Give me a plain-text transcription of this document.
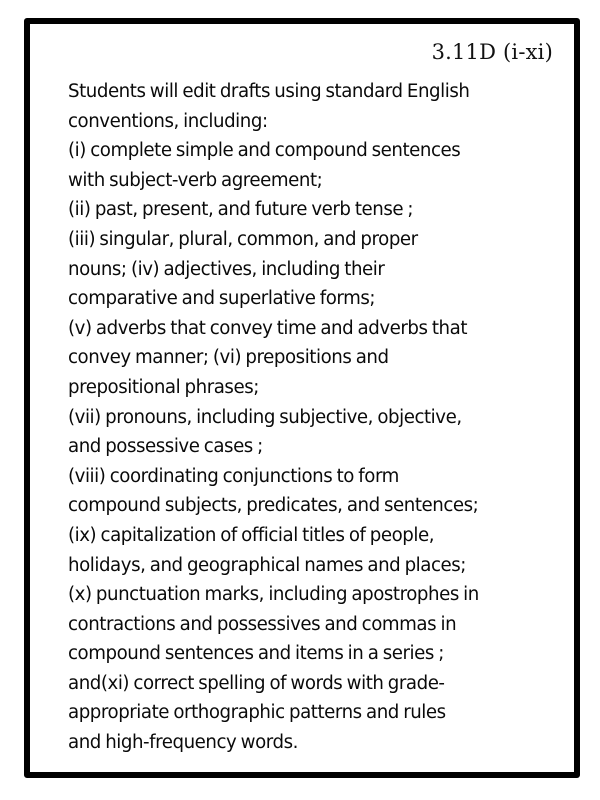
3.11D (i-xi)
Students will edit drafts using standard English
conventions, including:
(i) complete simple and compound sentences
with subject-verb agreement;
(ii) past, present, and future verb tense ;
(iii) singular, plural, common, and proper
nouns; (iv) adjectives, including their
comparative and superlative forms;
(v) adverbs that convey time and adverbs that
convey manner; (vi) prepositions and
prepositional phrases;
(vii) pronouns, including subjective, objective,
and possessive cases ;
(viii) coordinating conjunctions to form
compound subjects, predicates, and sentences;
(ix) capitalization of official titles of people,
holidays, and geographical names and places;
(x) punctuation marks, including apostrophes in
contractions and possessives and commas in
compound sentences and items in a series ;
and(xi) correct spelling of words with grade-
appropriate orthographic patterns and rules
and high-frequency words.
